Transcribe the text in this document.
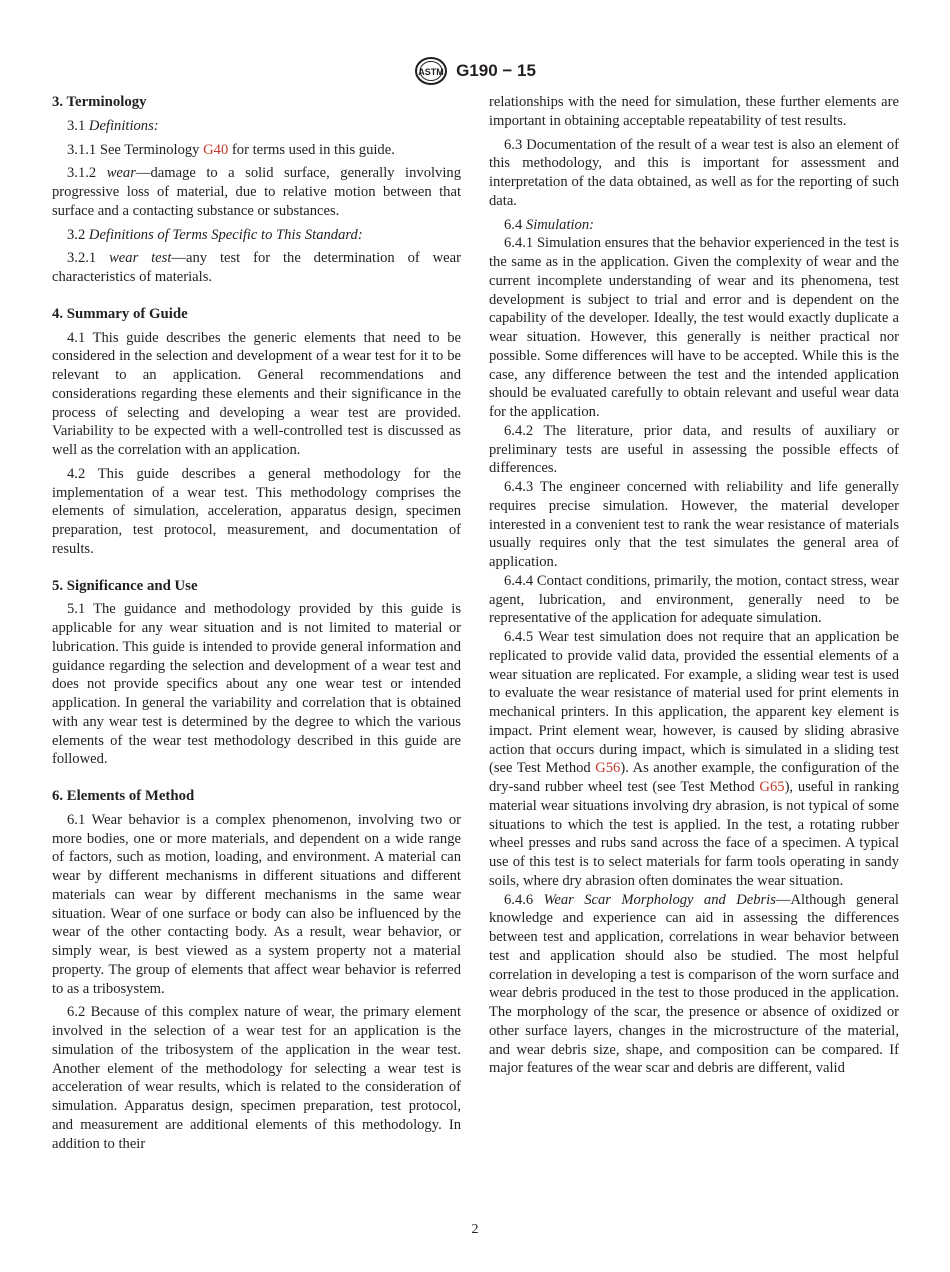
ASTM G190 − 15
3. Terminology

3.1 Definitions:

3.1.1 See Terminology G40 for terms used in this guide.

3.1.2 wear—damage to a solid surface, generally involving progressive loss of material, due to relative motion between that surface and a contacting substance or substances.

3.2 Definitions of Terms Specific to This Standard:

3.2.1 wear test—any test for the determination of wear characteristics of materials.

4. Summary of Guide

4.1 This guide describes the generic elements that need to be considered in the selection and development of a wear test for it to be relevant to an application. General recommendations and considerations regarding these elements and their significance in the process of selecting and developing a wear test are provided. Variability to be expected with a well-controlled test is discussed as well as the correlation with an application.

4.2 This guide describes a general methodology for the implementation of a wear test. This methodology comprises the elements of simulation, acceleration, apparatus design, specimen preparation, test protocol, measurement, and documentation of results.

5. Significance and Use

5.1 The guidance and methodology provided by this guide is applicable for any wear situation and is not limited to material or lubrication. This guide is intended to provide general information and guidance regarding the selection and development of a wear test and does not provide specifics about any one wear test or intended application. In general the variability and correlation that is obtained with any wear test is determined by the degree to which the various elements of the wear test methodology described in this guide are followed.

6. Elements of Method

6.1 Wear behavior is a complex phenomenon, involving two or more bodies, one or more materials, and dependent on a wide range of factors, such as motion, loading, and environment. A material can wear by different mechanisms in different situations and different materials can wear by different mechanisms in the same wear situation. Wear of one surface or body can also be influenced by the wear of the other contacting body. As a result, wear behavior, or simply wear, is best viewed as a system property not a material property. The group of elements that affect wear behavior is referred to as a tribosystem.

6.2 Because of this complex nature of wear, the primary element involved in the selection of a wear test for an application is the simulation of the tribosystem of the application in the wear test. Another element of the methodology for selecting a wear test is acceleration of wear results, which is related to the consideration of simulation. Apparatus design, specimen preparation, test protocol, and measurement are additional elements of this methodology. In addition to their

relationships with the need for simulation, these further elements are important in obtaining acceptable repeatability of test results.

6.3 Documentation of the result of a wear test is also an element of this methodology, and this is important for assessment and interpretation of the data obtained, as well as for the reporting of such data.

6.4 Simulation:

6.4.1 Simulation ensures that the behavior experienced in the test is the same as in the application. Given the complexity of wear and the current incomplete understanding of wear and its phenomena, test development is subject to trial and error and is dependent on the capability of the developer. Ideally, the test would exactly duplicate a wear situation. However, this generally is neither practical nor possible. Some differences will have to be accepted. While this is the case, any difference between the test and the intended application should be evaluated carefully to obtain relevant and useful wear data for the application.

6.4.2 The literature, prior data, and results of auxiliary or preliminary tests are useful in assessing the possible effects of differences.

6.4.3 The engineer concerned with reliability and life generally requires precise simulation. However, the material developer interested in a convenient test to rank the wear resistance of materials usually requires only that the test simulates the general area of application.

6.4.4 Contact conditions, primarily, the motion, contact stress, wear agent, lubrication, and environment, generally need to be representative of the application for adequate simulation.

6.4.5 Wear test simulation does not require that an application be replicated to provide valid data, provided the essential elements of a wear situation are replicated. For example, a sliding wear test is used to evaluate the wear resistance of material used for print elements in mechanical printers. In this application, the apparent key element is impact. Print element wear, however, is caused by sliding abrasive action that occurs during impact, which is simulated in a sliding test (see Test Method G56). As another example, the configuration of the dry-sand rubber wheel test (see Test Method G65), useful in ranking material wear situations involving dry abrasion, is not typical of some situations to which the test is applied. In the test, a rotating rubber wheel presses and rubs sand across the face of a specimen. A typical use of this test is to select materials for farm tools operating in sandy soils, where dry abrasion often dominates the wear situation.

6.4.6 Wear Scar Morphology and Debris—Although general knowledge and experience can aid in assessing the differences between test and application, correlations in wear behavior between test and application should also be studied. The most helpful correlation in developing a test is comparison of the worn surface and wear debris produced in the test to those produced in the application. The morphology of the scar, the presence or absence of oxidized or other surface layers, changes in the microstructure of the material, and wear debris size, shape, and composition can be compared. If major features of the wear scar and debris are different, valid

2
